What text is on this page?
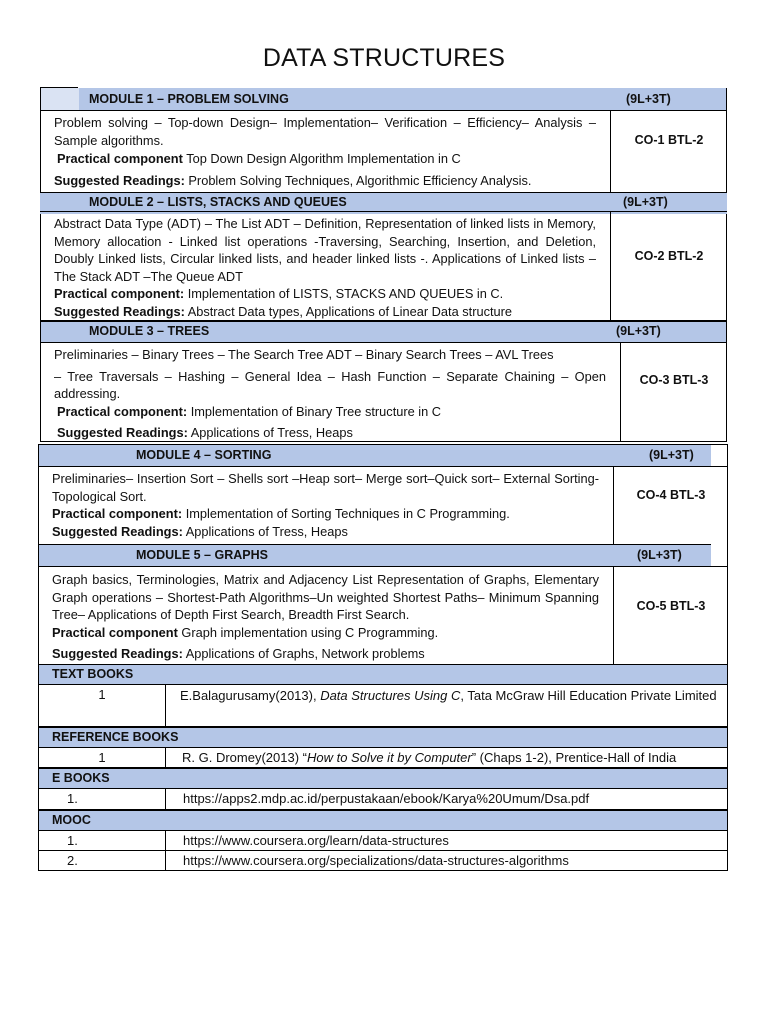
DATA STRUCTURES
MODULE 1 – PROBLEM SOLVING	(9L+3T)

Problem solving – Top-down Design– Implementation– Verification – Efficiency– Analysis – Sample algorithms.

Practical component Top Down Design Algorithm Implementation in C

Suggested Readings: Problem Solving Techniques, Algorithmic Efficiency Analysis.

CO-1 BTL-2
MODULE 2 – LISTS, STACKS AND QUEUES	(9L+3T)

Abstract Data Type (ADT) – The List ADT – Definition, Representation of linked lists in Memory, Memory allocation - Linked list operations -Traversing, Searching, Insertion, and Deletion, Doubly Linked lists, Circular linked lists, and header linked lists -. Applications of Linked lists –The Stack ADT –The Queue ADT

Practical component: Implementation of LISTS, STACKS AND QUEUES in C.

Suggested Readings: Abstract Data types, Applications of Linear Data structure

CO-2 BTL-2
MODULE 3 – TREES	(9L+3T)

Preliminaries – Binary Trees – The Search Tree ADT – Binary Search Trees – AVL Trees

– Tree Traversals – Hashing – General Idea – Hash Function – Separate Chaining – Open addressing.

Practical component: Implementation of Binary Tree structure in C

Suggested Readings: Applications of Tress, Heaps

CO-3 BTL-3
MODULE 4 – SORTING	(9L+3T)

Preliminaries– Insertion Sort – Shells sort –Heap sort– Merge sort–Quick sort– External Sorting- Topological Sort.

Practical component: Implementation of Sorting Techniques in C Programming.

Suggested Readings: Applications of Tress, Heaps

CO-4 BTL-3
MODULE 5 – GRAPHS	(9L+3T)

Graph basics, Terminologies, Matrix and Adjacency List Representation of Graphs, Elementary Graph operations – Shortest-Path Algorithms–Un weighted Shortest Paths– Minimum Spanning Tree– Applications of Depth First Search, Breadth First Search.

Practical component Graph implementation using C Programming.

Suggested Readings: Applications of Graphs, Network problems

CO-5 BTL-3
TEXT BOOKS
1	E.Balagurusamy(2013), Data Structures Using C, Tata McGraw Hill Education Private Limited
REFERENCE BOOKS
1	R. G. Dromey(2013) “How to Solve it by Computer” (Chaps 1-2), Prentice-Hall of India
E BOOKS
1.	https://apps2.mdp.ac.id/perpustakaan/ebook/Karya%20Umum/Dsa.pdf
MOOC
1.	https://www.coursera.org/learn/data-structures
2.	https://www.coursera.org/specializations/data-structures-algorithms
